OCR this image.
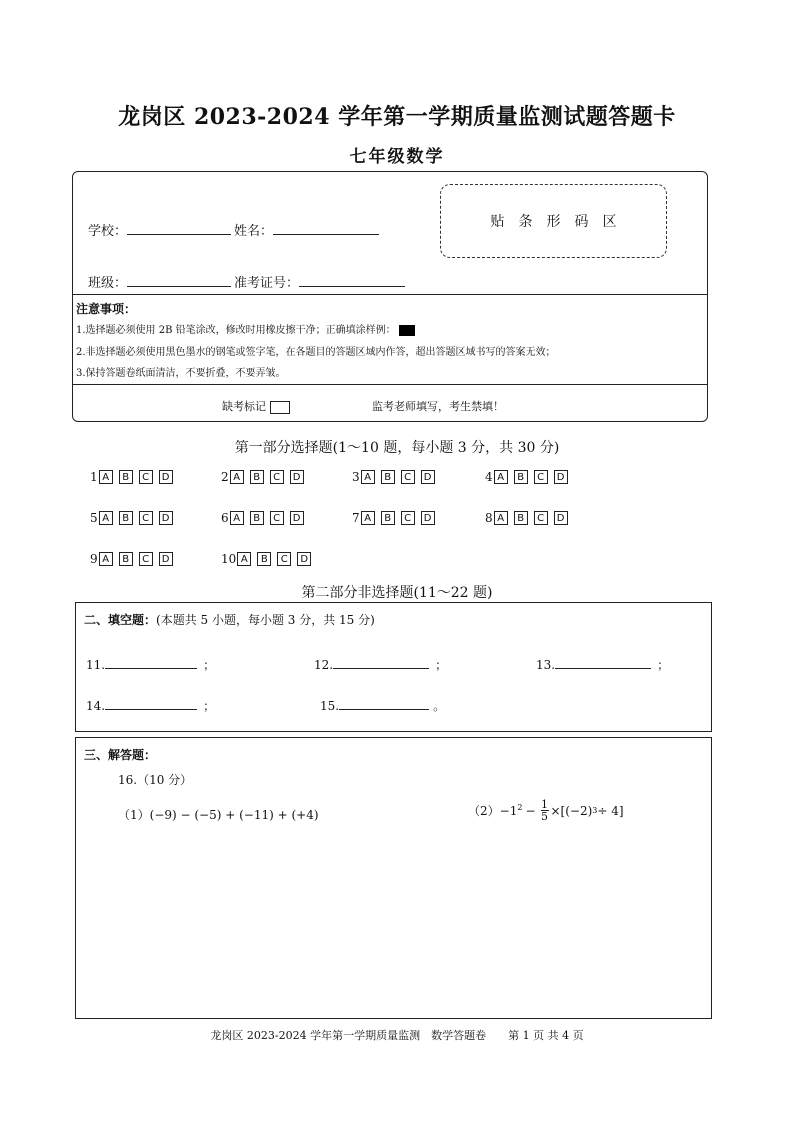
龙岗区 2023-2024 学年第一学期质量监测试题答题卡
七年级数学
学校：	姓名：
班级：	准考证号：
贴条形码区
注意事项：
1.选择题必须使用 2B 铅笔涂改，修改时用橡皮擦干净；正确填涂样例：
2.非选择题必须使用黑色墨水的钢笔或签字笔，在各题目的答题区域内作答，超出答题区域书写的答案无效；
3.保持答题卷纸面清洁，不要折叠，不要弄皱。
缺考标记	监考老师填写，考生禁填！
第一部分选择题(1～10 题，每小题 3 分，共 30 分)
1 A	B	C	D	2 A	B	C	D	3 A	B	C	D	4 A	B	C	D
5 A	B	C	D	6 A	B	C	D	7 A	B	C	D	8 A	B	C	D
9 A	B	C	D	10 A	B	C	D
第二部分非选择题(11～22 题)
二、填空题：(本题共 5 小题，每小题 3 分，共 15 分)
11.	；	12.	；	13.	；
14.	；	15.	。
三、解答题：
16.（10 分）
（1）(−9) − (−5) + (−11) + (+4)	$(2) -1^2 - \frac{1}{5} \times[(-2) 3 \div 4]$
龙岗区 2023-2024 学年第一学期质量监测　数学答题卷　　第 1 页 共 4 页
